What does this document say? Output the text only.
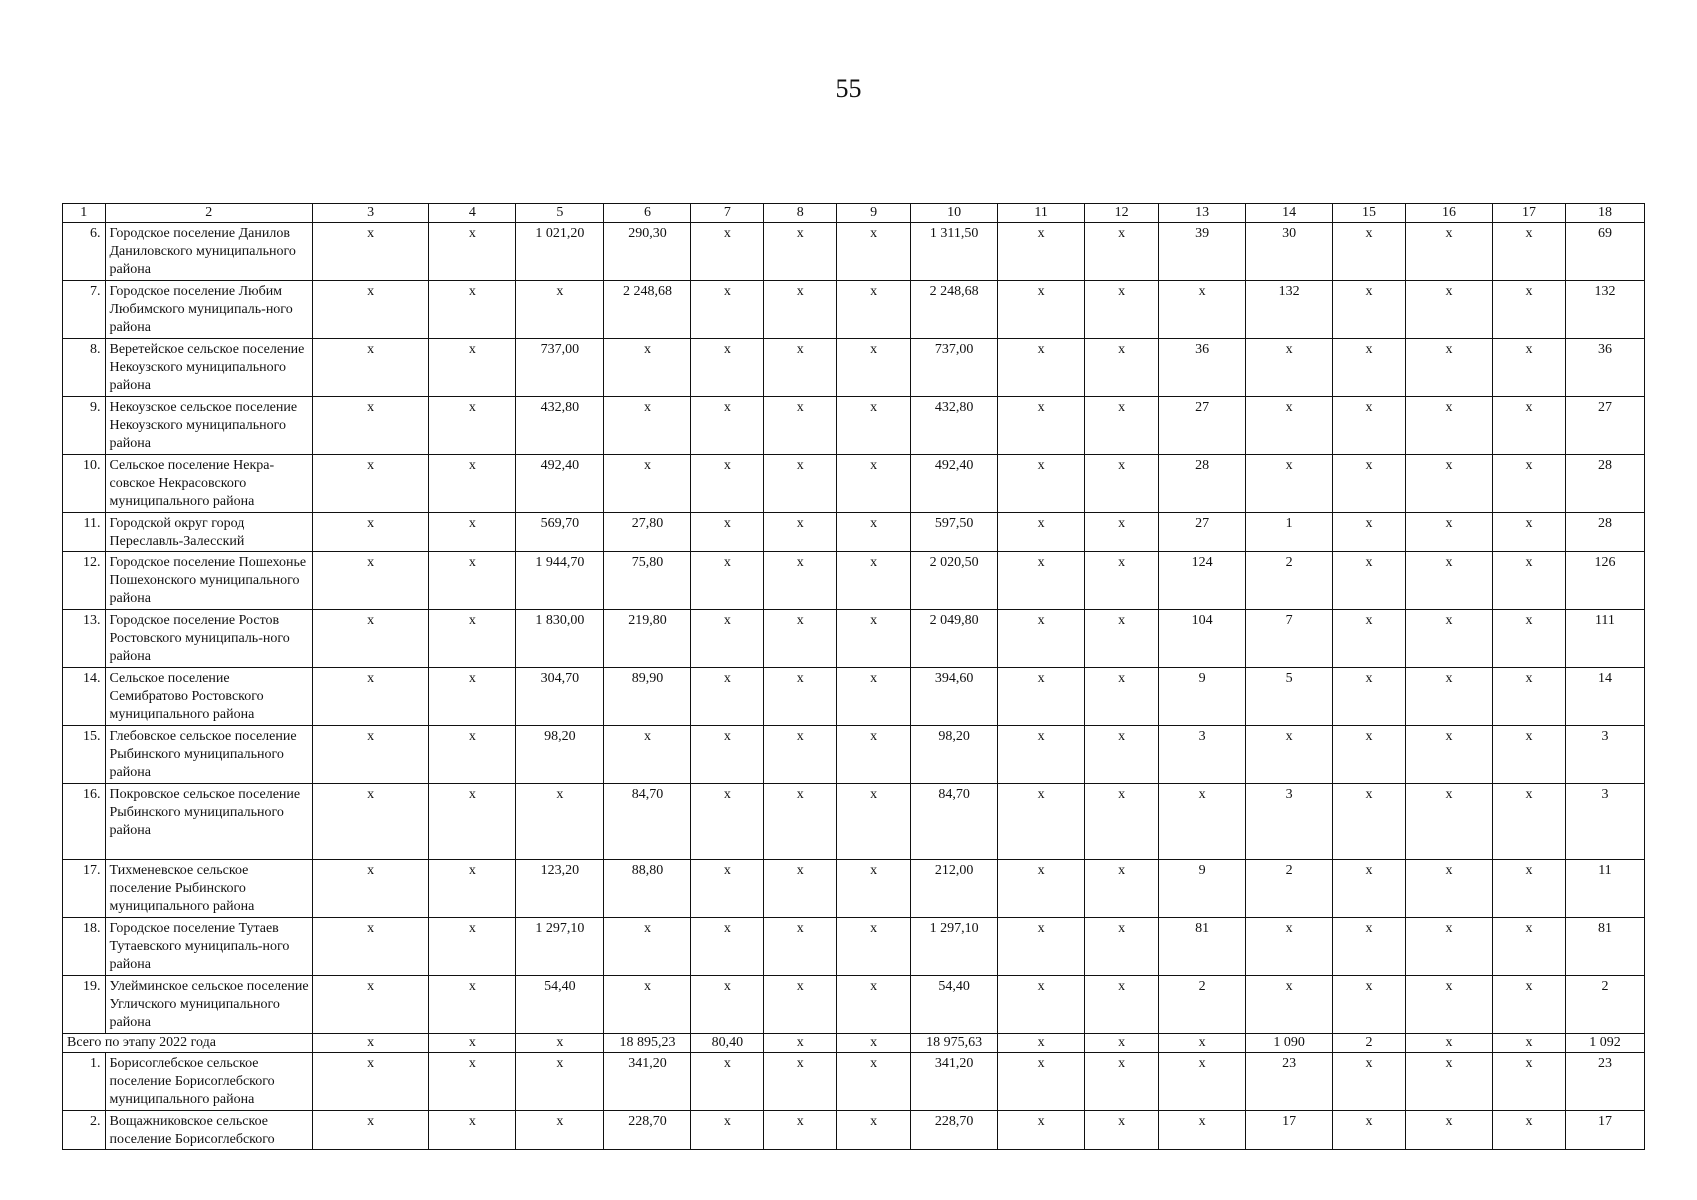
55
1	2	3	4	5	6	7	8	9	10	11	12	13	14	15	16	17	18
6.	Городское поселение Данилов Даниловского муниципального района	х	х	1 021,20	290,30	х	х	х	1 311,50	х	х	39	30	х	х	х	69
7.	Городское поселение Любим Любимского муниципаль-ного района	х	х	х	2 248,68	х	х	х	2 248,68	х	х	х	132	х	х	х	132
8.	Веретейское сельское поселение Некоузского муниципального района	х	х	737,00	х	х	х	х	737,00	х	х	36	х	х	х	х	36
9.	Некоузское сельское поселение Некоузского муниципального района	х	х	432,80	х	х	х	х	432,80	х	х	27	х	х	х	х	27
10.	Сельское поселение Некра-совское Некрасовского муниципального района	х	х	492,40	х	х	х	х	492,40	х	х	28	х	х	х	х	28
11.	Городской округ город Переславль-Залесский	х	х	569,70	27,80	х	х	х	597,50	х	х	27	1	х	х	х	28
12.	Городское поселение Пошехонье Пошехонского муниципального района	х	х	1 944,70	75,80	х	х	х	2 020,50	х	х	124	2	х	х	х	126
13.	Городское поселение Ростов Ростовского муниципаль-ного района	х	х	1 830,00	219,80	х	х	х	2 049,80	х	х	104	7	х	х	х	111
14.	Сельское поселение Семибратово Ростовского муниципального района	х	х	304,70	89,90	х	х	х	394,60	х	х	9	5	х	х	х	14
15.	Глебовское сельское поселение Рыбинского муниципального района	х	х	98,20	х	х	х	х	98,20	х	х	3	х	х	х	х	3
16.	Покровское сельское поселение Рыбинского муниципального района	х	х	х	84,70	х	х	х	84,70	х	х	х	3	х	х	х	3
17.	Тихменевское сельское поселение Рыбинского муниципального района	х	х	123,20	88,80	х	х	х	212,00	х	х	9	2	х	х	х	11
18.	Городское поселение Тутаев Тутаевского муниципаль-ного района	х	х	1 297,10	х	х	х	х	1 297,10	х	х	81	х	х	х	х	81
19.	Улейминское сельское поселение Угличского муниципального района	х	х	54,40	х	х	х	х	54,40	х	х	2	х	х	х	х	2
Всего по этапу 2022 года		х	х	х	18 895,23	80,40	х	х	18 975,63	х	х	х	1 090	2	х	х	1 092
1.	Борисоглебское сельское поселение Борисоглебского муниципального района	х	х	х	341,20	х	х	х	341,20	х	х	х	23	х	х	х	23
2.	Вощажниковское сельское поселение Борисоглебского	х	х	х	228,70	х	х	х	228,70	х	х	х	17	х	х	х	17
